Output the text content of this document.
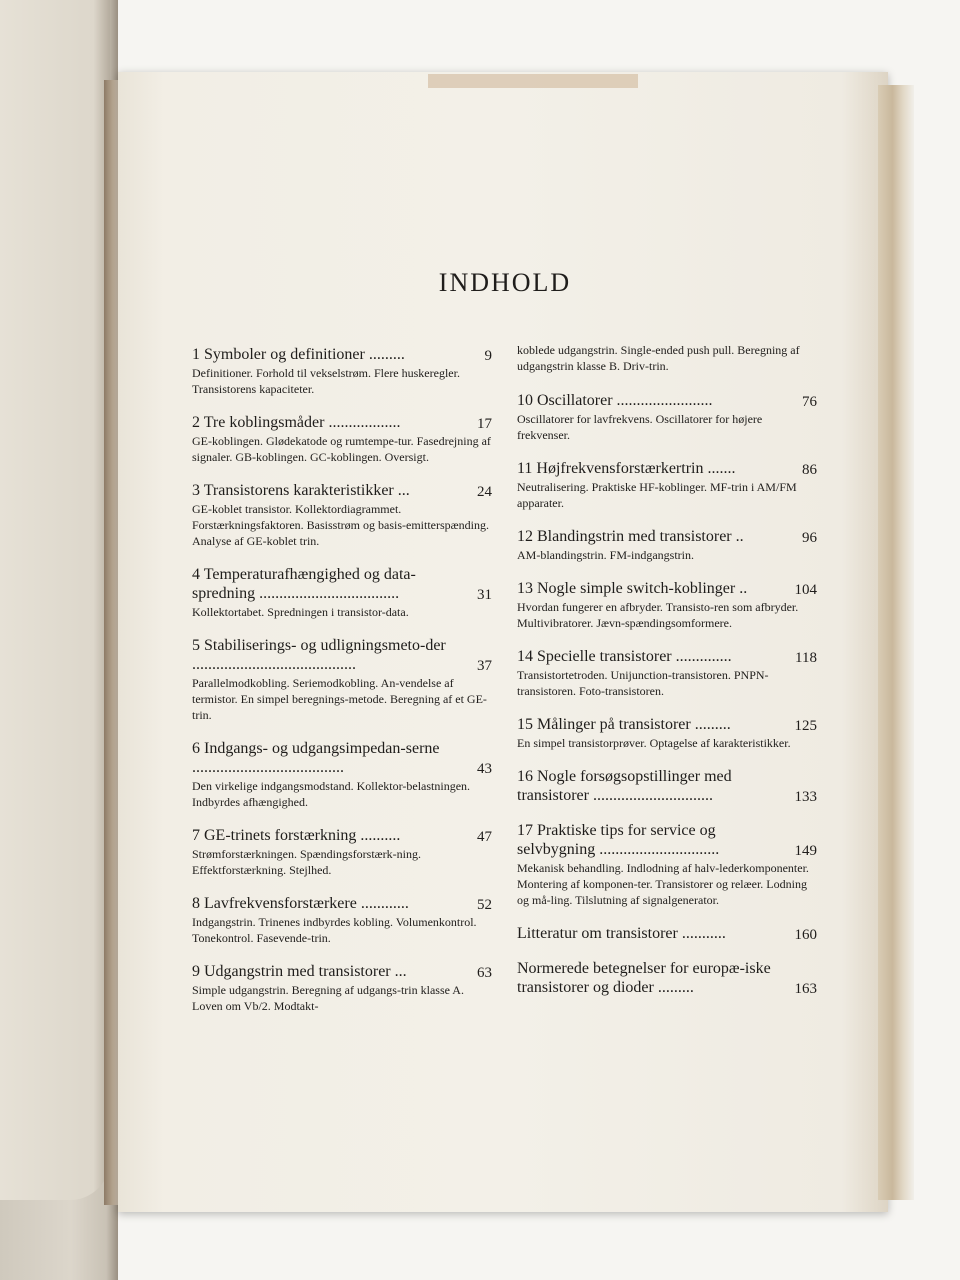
INDHOLD
1 Symboler og definitioner .........	9

Definitioner. Forhold til vekselstrøm. Flere huskeregler. Transistorens kapaciteter.

2 Tre koblingsmåder ..................	17

GE-koblingen. Glødekatode og rumtempe-tur. Fasedrejning af signaler. GB-koblingen. GC-koblingen. Oversigt.

3 Transistorens karakteristikker ...	24

GE-koblet transistor. Kollektordiagrammet. Forstærkningsfaktoren. Basisstrøm og basis-emitterspænding. Analyse af GE-koblet trin.

4 Temperaturafhængighed og data-spredning ...................................	31

Kollektortabet. Spredningen i transistor-data.

5 Stabiliserings- og udligningsmeto-der .........................................	37

Parallelmodkobling. Seriemodkobling. An-vendelse af termistor. En simpel beregnings-metode. Beregning af et GE-trin.

6 Indgangs- og udgangsimpedan-serne ......................................	43

Den virkelige indgangsmodstand. Kollektor-belastningen. Indbyrdes afhængighed.

7 GE-trinets forstærkning ..........	47

Strømforstærkningen. Spændingsforstærk-ning. Effektforstærkning. Stejlhed.

8 Lavfrekvensforstærkere ............	52

Indgangstrin. Trinenes indbyrdes kobling. Volumenkontrol. Tonekontrol. Fasevende-trin.

9 Udgangstrin med transistorer ...	63

Simple udgangstrin. Beregning af udgangs-trin klasse A. Loven om Vb/2. Modtakt-

koblede udgangstrin. Single-ended push pull. Beregning af udgangstrin klasse B. Driv-trin.

10 Oscillatorer ........................	76

Oscillatorer for lavfrekvens. Oscillatorer for højere frekvenser.

11 Højfrekvensforstærkertrin .......	86

Neutralisering. Praktiske HF-koblinger. MF-trin i AM/FM apparater.

12 Blandingstrin med transistorer ..	96

AM-blandingstrin. FM-indgangstrin.

13 Nogle simple switch-koblinger ..	104

Hvordan fungerer en afbryder. Transisto-ren som afbryder. Multivibratorer. Jævn-spændingsomformere.

14 Specielle transistorer ..............	118

Transistortetroden. Unijunction-transistoren. PNPN-transistoren. Foto-transistoren.

15 Målinger på transistorer .........	125

En simpel transistorprøver. Optagelse af karakteristikker.

16 Nogle forsøgsopstillinger med transistorer ..............................	133
17 Praktiske tips for service og selvbygning ..............................	149

Mekanisk behandling. Indlodning af halv-lederkomponenter. Montering af komponen-ter. Transistorer og relæer. Lodning og må-ling. Tilslutning af signalgenerator.

Litteratur om transistorer ...........	160
Normerede betegnelser for europæ-iske transistorer og dioder .........	163
